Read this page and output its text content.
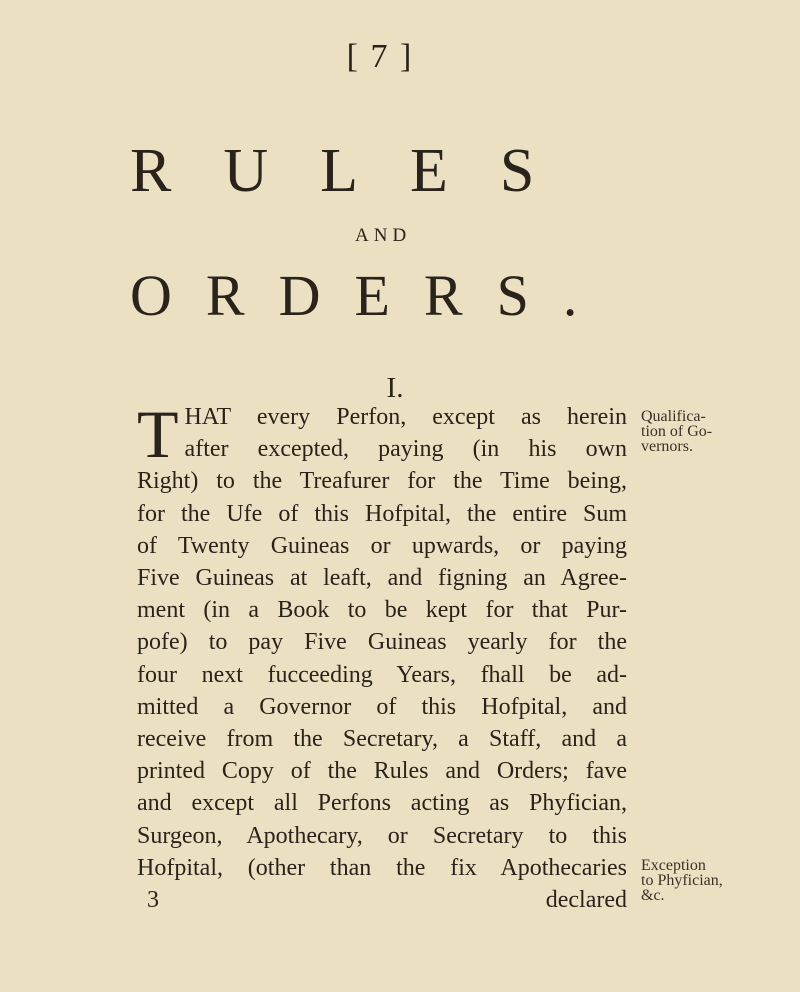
[ 7 ]
RULES
AND
ORDERS.
I.
T HAT every Perfon, except as herein
after excepted, paying (in his own
Right) to the Treafurer for the Time being,
for the Ufe of this Hofpital, the entire Sum
of Twenty Guineas or upwards, or paying
Five Guineas at leaft, and figning an Agree-
ment (in a Book to be kept for that Pur-
pofe) to pay Five Guineas yearly for the
four next fucceeding Years, fhall be ad-
mitted a Governor of this Hofpital, and
receive from the Secretary, a Staff, and a
printed Copy of the Rules and Orders; fave
and except all Perfons acting as Phyfician,
Surgeon, Apothecary, or Secretary to this
Hofpital, (other than the fix Apothecaries
3	declared
Qualifica-
tion of Go-
vernors.
Exception
to Phyfician,
&c.
